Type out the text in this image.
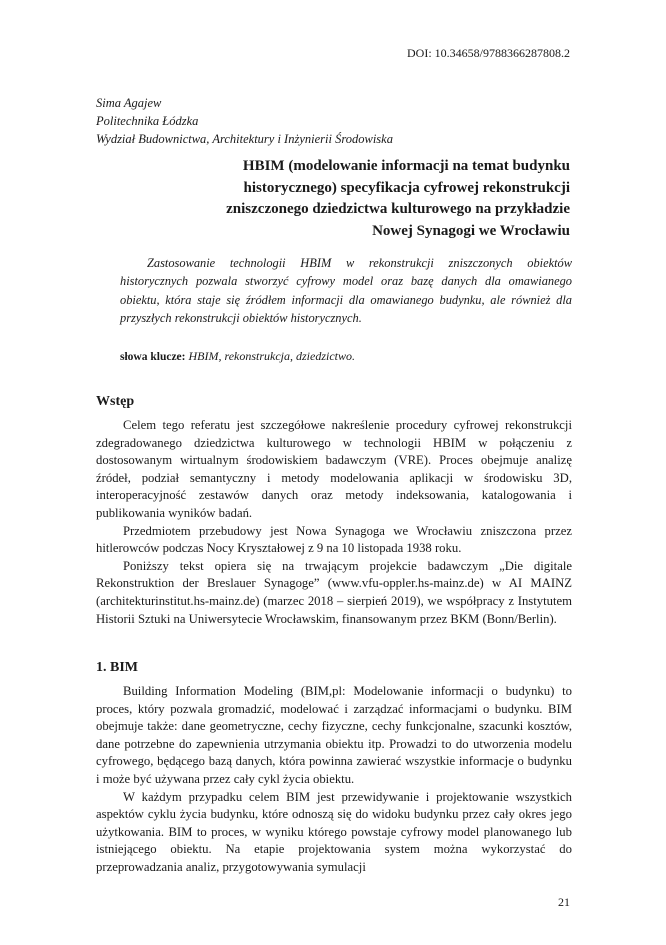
DOI: 10.34658/9788366287808.2
Sima Agajew
Politechnika Łódzka
Wydział Budownictwa, Architektury i Inżynierii Środowiska
HBIM (modelowanie informacji na temat budynku
historycznego) specyfikacja cyfrowej rekonstrukcji
zniszczonego dziedzictwa kulturowego na przykładzie
Nowej Synagogi we Wrocławiu

Zastosowanie technologii HBIM w rekonstrukcji zniszczonych obiektów historycznych pozwala stworzyć cyfrowy model oraz bazę danych dla omawianego obiektu, która staje się źródłem informacji dla omawianego budynku, ale również dla przyszłych rekonstrukcji obiektów historycznych.

słowa klucze: HBIM, rekonstrukcja, dziedzictwo.
Wstęp

Celem tego referatu jest szczegółowe nakreślenie procedury cyfrowej rekonstrukcji zdegradowanego dziedzictwa kulturowego w technologii HBIM w połączeniu z dostosowanym wirtualnym środowiskiem badawczym (VRE). Proces obejmuje analizę źródeł, podział semantyczny i metody modelowania aplikacji w środowisku 3D, interoperacyjność zestawów danych oraz metody indeksowania, katalogowania i publikowania wyników badań.

Przedmiotem przebudowy jest Nowa Synagoga we Wrocławiu zniszczona przez hitlerowców podczas Nocy Kryształowej z 9 na 10 listopada 1938 roku.

Poniższy tekst opiera się na trwającym projekcie badawczym „Die digitale Rekonstruktion der Breslauer Synagoge” (www.vfu-oppler.hs-mainz.de) w AI MAINZ (architekturinstitut.hs-mainz.de) (marzec 2018 – sierpień 2019), we współpracy z Instytutem Historii Sztuki na Uniwersytecie Wrocławskim, finansowanym przez BKM (Bonn/Berlin).

1. BIM

Building Information Modeling (BIM,pl: Modelowanie informacji o budynku) to proces, który pozwala gromadzić, modelować i zarządzać informacjami o budynku. BIM obejmuje także: dane geometryczne, cechy fizyczne, cechy funkcjonalne, szacunki kosztów, dane potrzebne do zapewnienia utrzymania obiektu itp. Prowadzi to do utworzenia modelu cyfrowego, będącego bazą danych, która powinna zawierać wszystkie informacje o budynku i może być używana przez cały cykl życia obiektu.

W każdym przypadku celem BIM jest przewidywanie i projektowanie wszystkich aspektów cyklu życia budynku, które odnoszą się do widoku budynku przez cały okres jego użytkowania. BIM to proces, w wyniku którego powstaje cyfrowy model planowanego lub istniejącego obiektu. Na etapie projektowania system można wykorzystać do przeprowadzania analiz, przygotowywania symulacji

21
